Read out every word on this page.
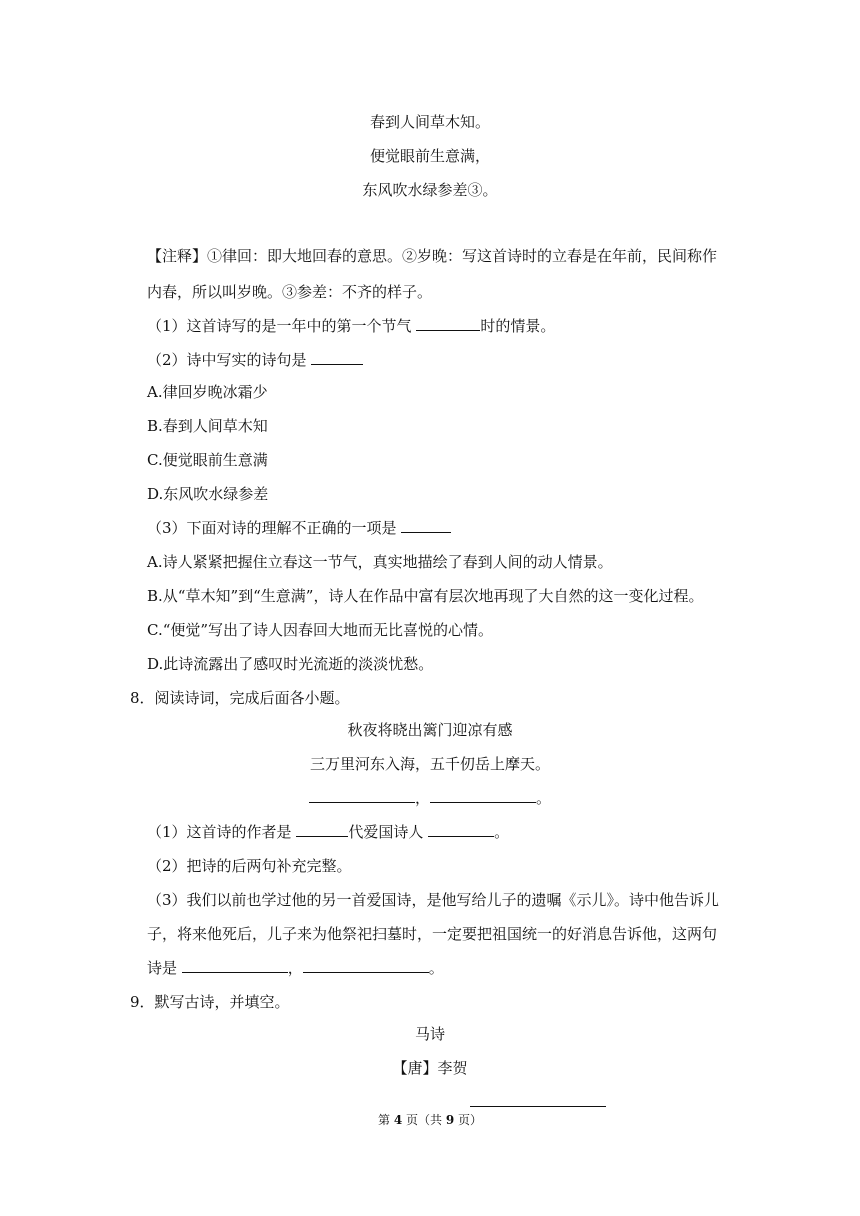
春到人间草木知。
便觉眼前生意满，
东风吹水绿参差③。
【注释】①律回：即大地回春的意思。②岁晚：写这首诗时的立春是在年前，民间称作
内春，所以叫岁晚。③参差：不齐的样子。
（1）这首诗写的是一年中的第一个节气	时的情景。
（2）诗中写实的诗句是
A.律回岁晚冰霜少
B.春到人间草木知
C.便觉眼前生意满
D.东风吹水绿参差
（3）下面对诗的理解不正确的一项是
A.诗人紧紧把握住立春这一节气，真实地描绘了春到人间的动人情景。
B.从“草木知”到“生意满”，诗人在作品中富有层次地再现了大自然的这一变化过程。
C.“便觉”写出了诗人因春回大地而无比喜悦的心情。
D.此诗流露出了感叹时光流逝的淡淡忧愁。
8．阅读诗词，完成后面各小题。
秋夜将晓出篱门迎凉有感
三万里河东入海，五千仞岳上摩天。
，	。
（1）这首诗的作者是	代爱国诗人	。
（2）把诗的后两句补充完整。
（3）我们以前也学过他的另一首爱国诗，是他写给儿子的遗嘱《示儿》。诗中他告诉儿
子，将来他死后，儿子来为他祭祀扫墓时，一定要把祖国统一的好消息告诉他，这两句
诗是	，	。
9．默写古诗，并填空。
马诗
【唐】李贺
第 4 页（共 9 页）
